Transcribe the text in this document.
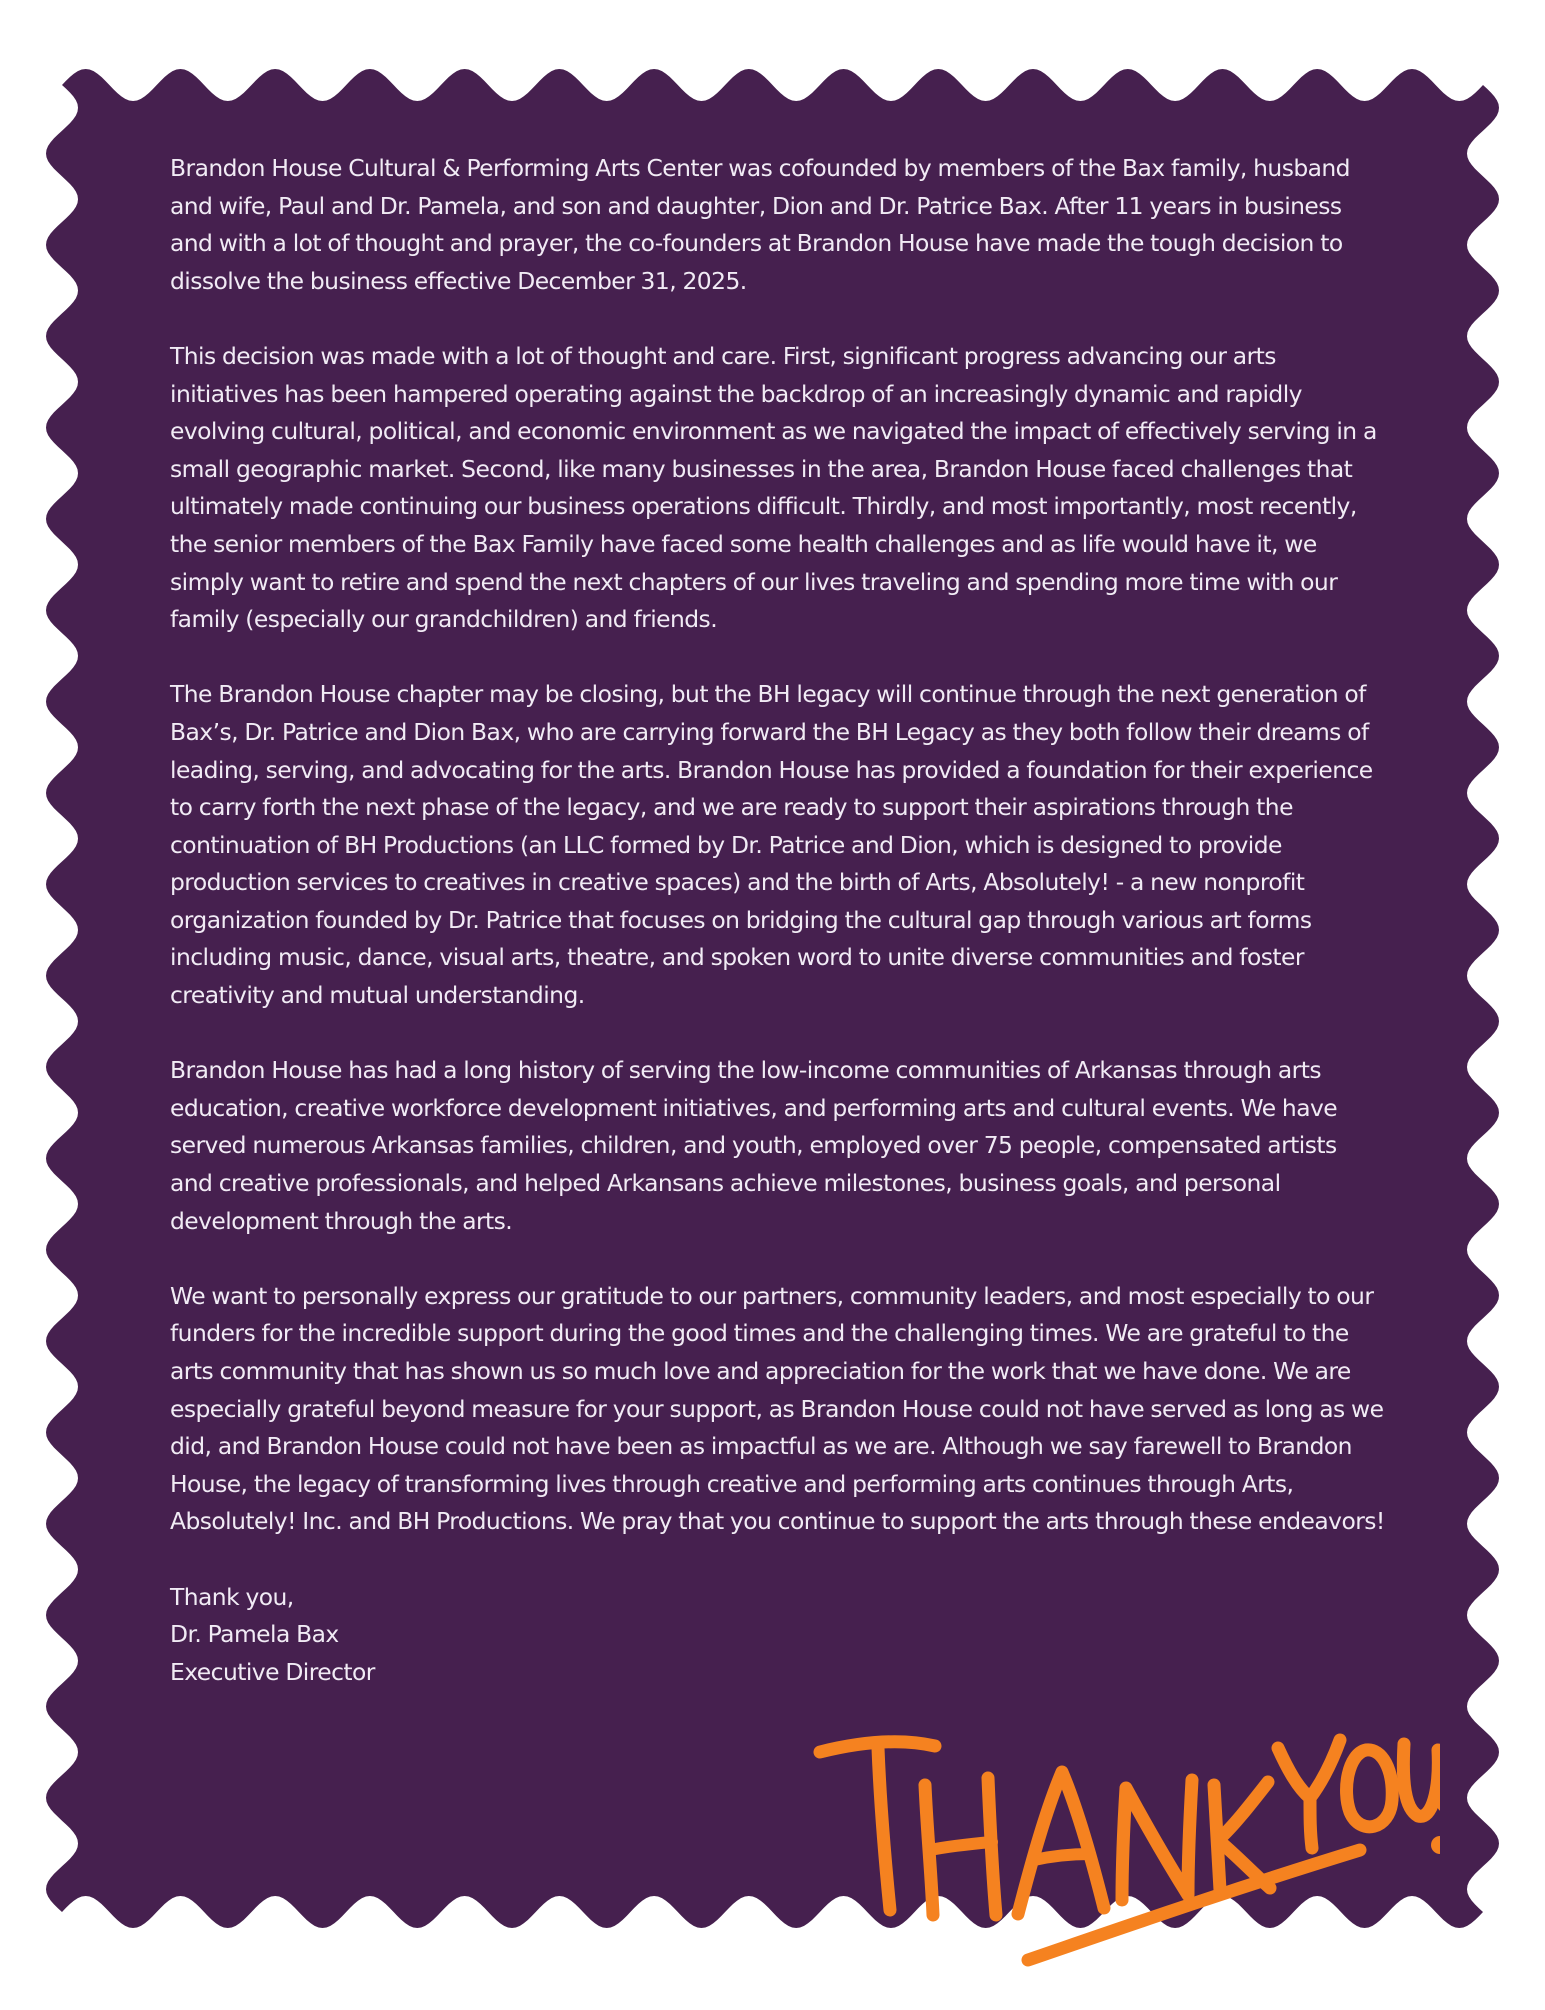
Brandon House Cultural & Performing Arts Center was cofounded by members of the Bax family, husband and wife, Paul and Dr. Pamela, and son and daughter, Dion and Dr. Patrice Bax. After 11 years in business and with a lot of thought and prayer, the co-founders at Brandon House have made the tough decision to dissolve the business effective December 31, 2025.

This decision was made with a lot of thought and care. First, significant progress advancing our arts initiatives has been hampered operating against the backdrop of an increasingly dynamic and rapidly evolving cultural, political, and economic environment as we navigated the impact of effectively serving in a small geographic market. Second, like many businesses in the area, Brandon House faced challenges that ultimately made continuing our business operations difficult. Thirdly, and most importantly, most recently, the senior members of the Bax Family have faced some health challenges and as life would have it, we simply want to retire and spend the next chapters of our lives traveling and spending more time with our family (especially our grandchildren) and friends.

The Brandon House chapter may be closing, but the BH legacy will continue through the next generation of Bax’s, Dr. Patrice and Dion Bax, who are carrying forward the BH Legacy as they both follow their dreams of leading, serving, and advocating for the arts. Brandon House has provided a foundation for their experience to carry forth the next phase of the legacy, and we are ready to support their aspirations through the continuation of BH Productions (an LLC formed by Dr. Patrice and Dion, which is designed to provide production services to creatives in creative spaces) and the birth of Arts, Absolutely! - a new nonprofit organization founded by Dr. Patrice that focuses on bridging the cultural gap through various art forms including music, dance, visual arts, theatre, and spoken word to unite diverse communities and foster creativity and mutual understanding.

Brandon House has had a long history of serving the low-income communities of Arkansas through arts education, creative workforce development initiatives, and performing arts and cultural events. We have served numerous Arkansas families, children, and youth, employed over 75 people, compensated artists and creative professionals, and helped Arkansans achieve milestones, business goals, and personal development through the arts.

We want to personally express our gratitude to our partners, community leaders, and most especially to our funders for the incredible support during the good times and the challenging times. We are grateful to the arts community that has shown us so much love and appreciation for the work that we have done. We are especially grateful beyond measure for your support, as Brandon House could not have served as long as we did, and Brandon House could not have been as impactful as we are. Although we say farewell to Brandon House, the legacy of transforming lives through creative and performing arts continues through Arts, Absolutely! Inc. and BH Productions. We pray that you continue to support the arts through these endeavors!

Thank you,
Dr. Pamela Bax
Executive Director
